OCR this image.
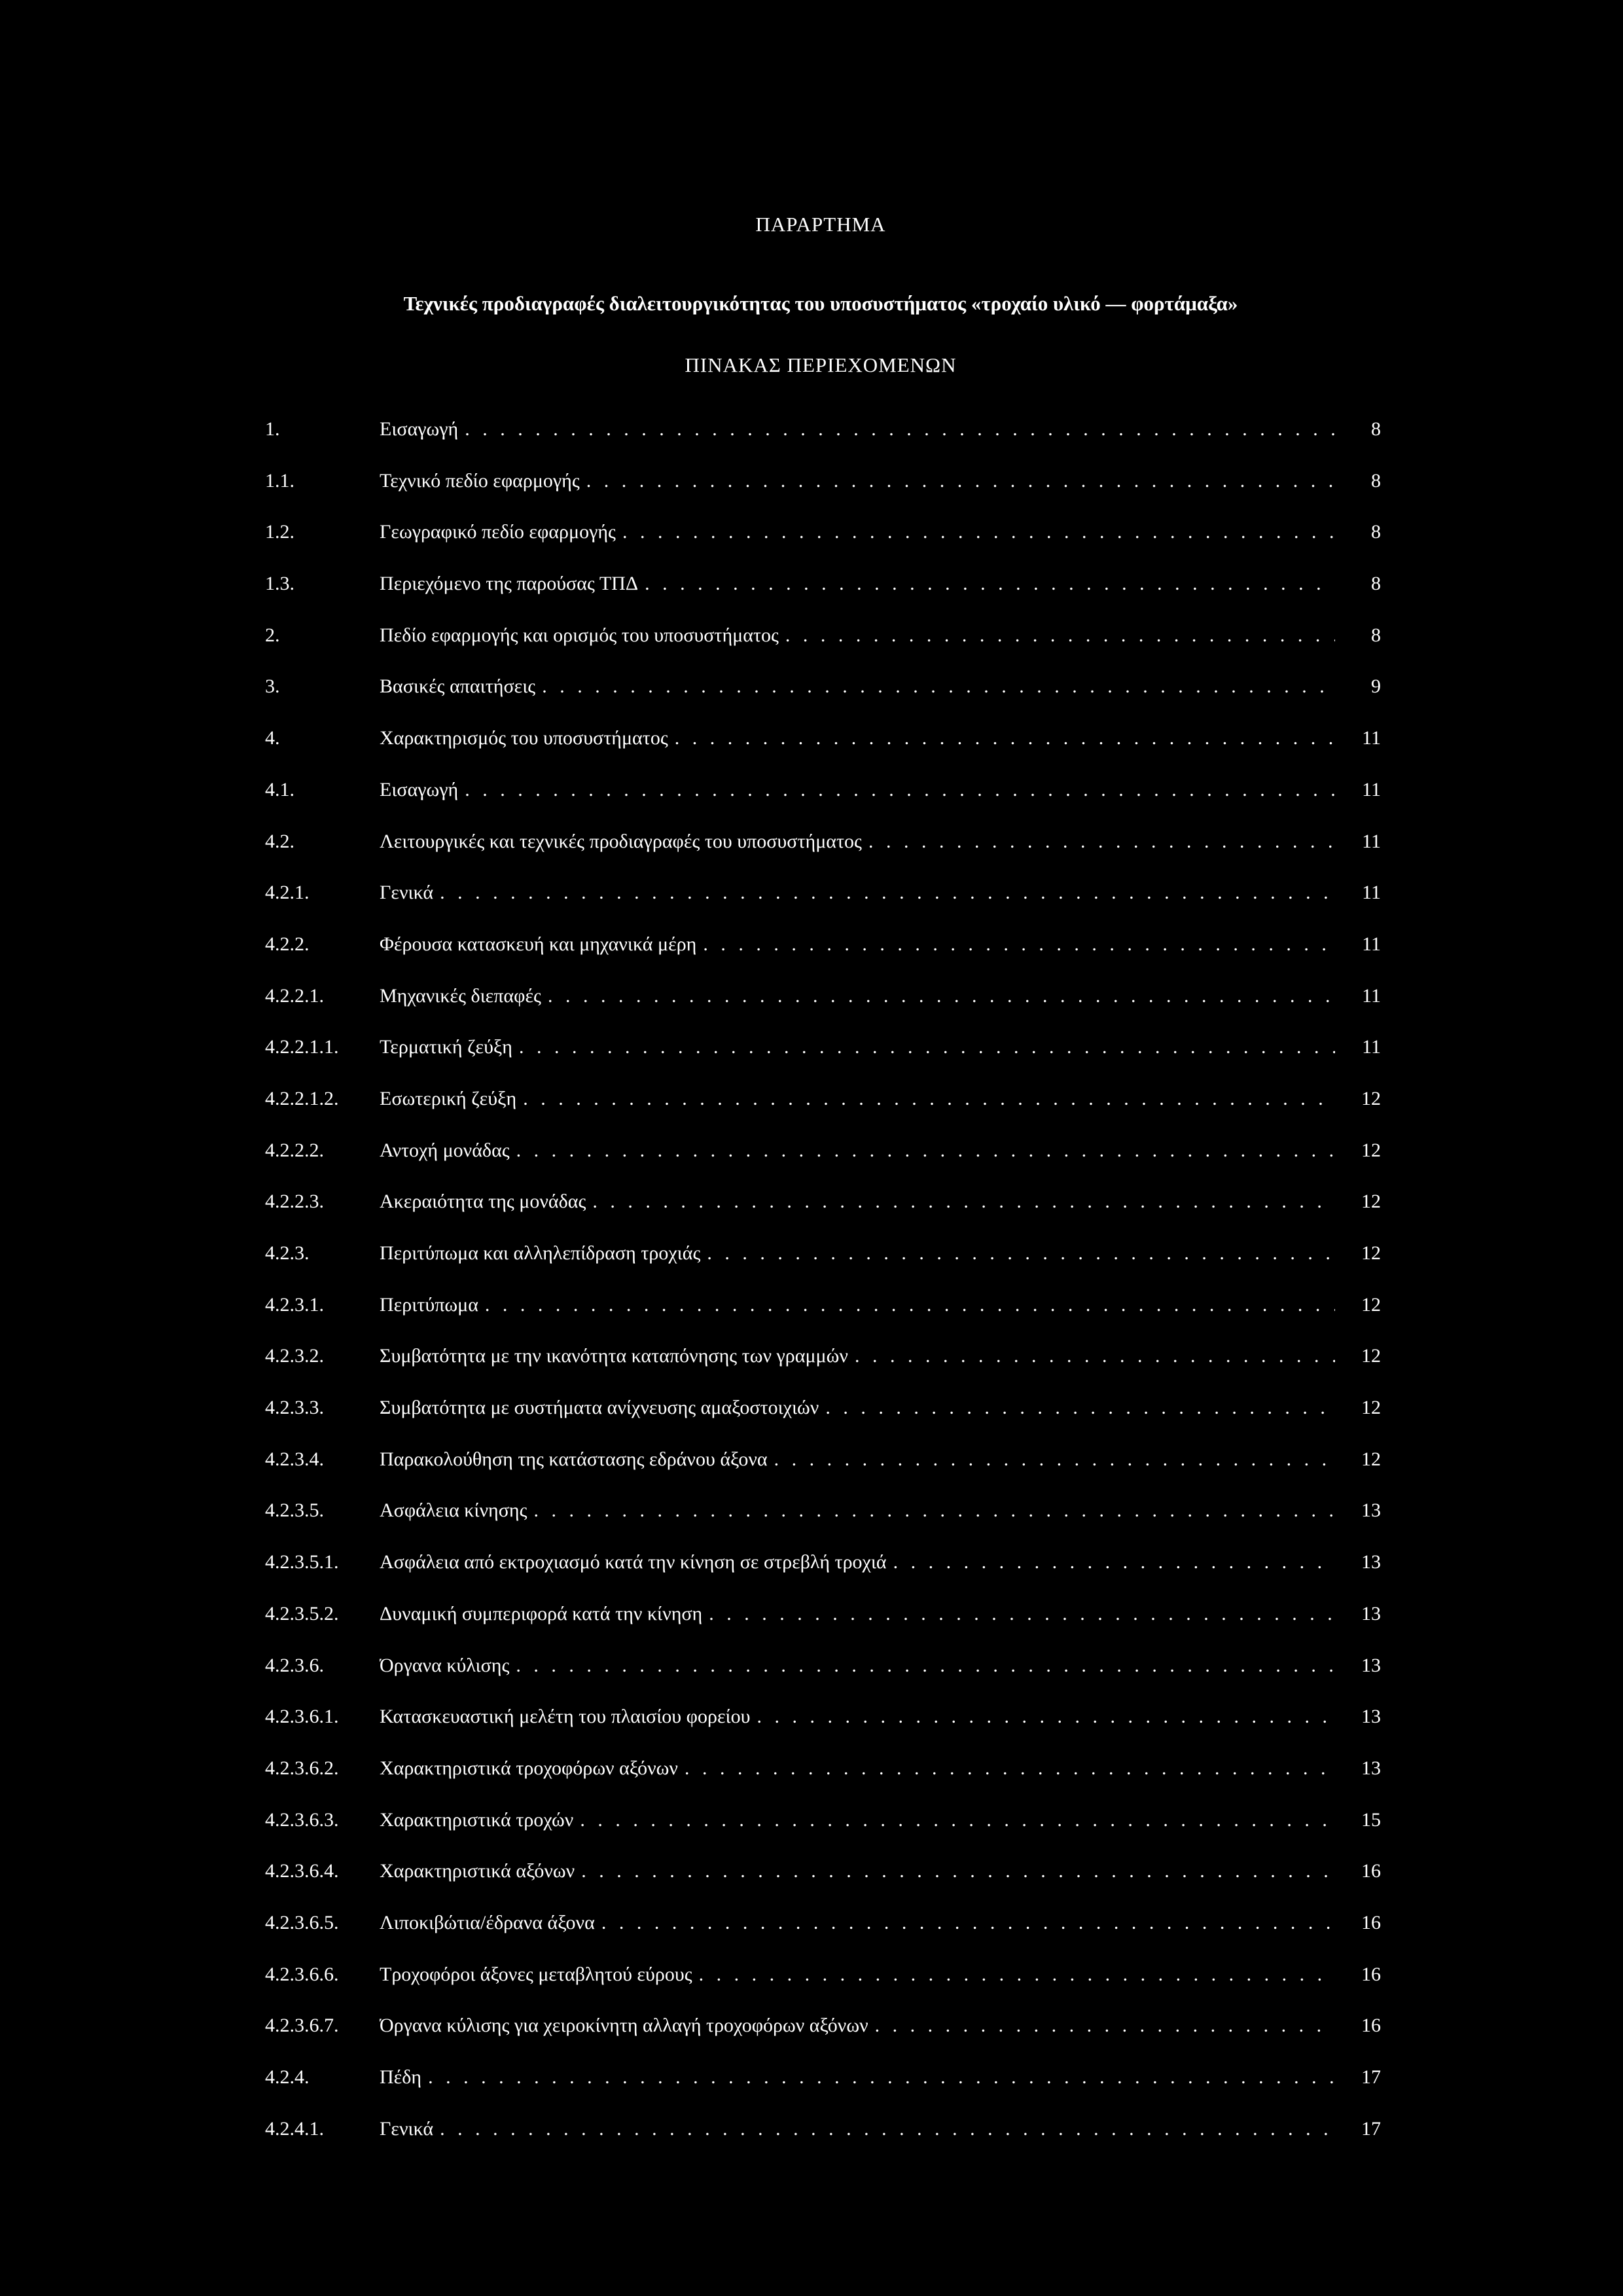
ΠΑΡΑΡΤΗΜΑ
Τεχνικές προδιαγραφές διαλειτουργικότητας του υποσυστήματος «τροχαίο υλικό — φορτάμαξα»
ΠΙΝΑΚΑΣ ΠΕΡΙΕΧΟΜΕΝΩΝ
1.	Εισαγωγή . . .	8
1.1.	Τεχνικό πεδίο εφαρμογής . . .	8
1.2.	Γεωγραφικό πεδίο εφαρμογής . . .	8
1.3.	Περιεχόμενο της παρούσας ΤΠΔ . . .	8
2.	Πεδίο εφαρμογής και ορισμός του υποσυστήματος . . .	8
3.	Βασικές απαιτήσεις . . .	9
4.	Χαρακτηρισμός του υποσυστήματος . . .	11
4.1.	Εισαγωγή . . .	11
4.2.	Λειτουργικές και τεχνικές προδιαγραφές του υποσυστήματος . . .	11
4.2.1.	Γενικά . . .	11
4.2.2.	Φέρουσα κατασκευή και μηχανικά μέρη . . .	11
4.2.2.1.	Μηχανικές διεπαφές . . .	11
4.2.2.1.1.	Τερματική ζεύξη . . .	11
4.2.2.1.2.	Εσωτερική ζεύξη . . .	12
4.2.2.2.	Αντοχή μονάδας . . .	12
4.2.2.3.	Ακεραιότητα της μονάδας . . .	12
4.2.3.	Περιτύπωμα και αλληλεπίδραση τροχιάς . . .	12
4.2.3.1.	Περιτύπωμα . . .	12
4.2.3.2.	Συμβατότητα με την ικανότητα καταπόνησης των γραμμών . . .	12
4.2.3.3.	Συμβατότητα με συστήματα ανίχνευσης αμαξοστοιχιών . . .	12
4.2.3.4.	Παρακολούθηση της κατάστασης εδράνου άξονα . . .	12
4.2.3.5.	Ασφάλεια κίνησης . . .	13
4.2.3.5.1.	Ασφάλεια από εκτροχιασμό κατά την κίνηση σε στρεβλή τροχιά . . .	13
4.2.3.5.2.	Δυναμική συμπεριφορά κατά την κίνηση . . .	13
4.2.3.6.	Όργανα κύλισης . . .	13
4.2.3.6.1.	Κατασκευαστική μελέτη του πλαισίου φορείου . . .	13
4.2.3.6.2.	Χαρακτηριστικά τροχοφόρων αξόνων . . .	13
4.2.3.6.3.	Χαρακτηριστικά τροχών . . .	15
4.2.3.6.4.	Χαρακτηριστικά αξόνων . . .	16
4.2.3.6.5.	Λιποκιβώτια/έδρανα άξονα . . .	16
4.2.3.6.6.	Τροχοφόροι άξονες μεταβλητού εύρους . . .	16
4.2.3.6.7.	Όργανα κύλισης για χειροκίνητη αλλαγή τροχοφόρων αξόνων . . .	16
4.2.4.	Πέδη . . .	17
4.2.4.1.	Γενικά . . .	17
